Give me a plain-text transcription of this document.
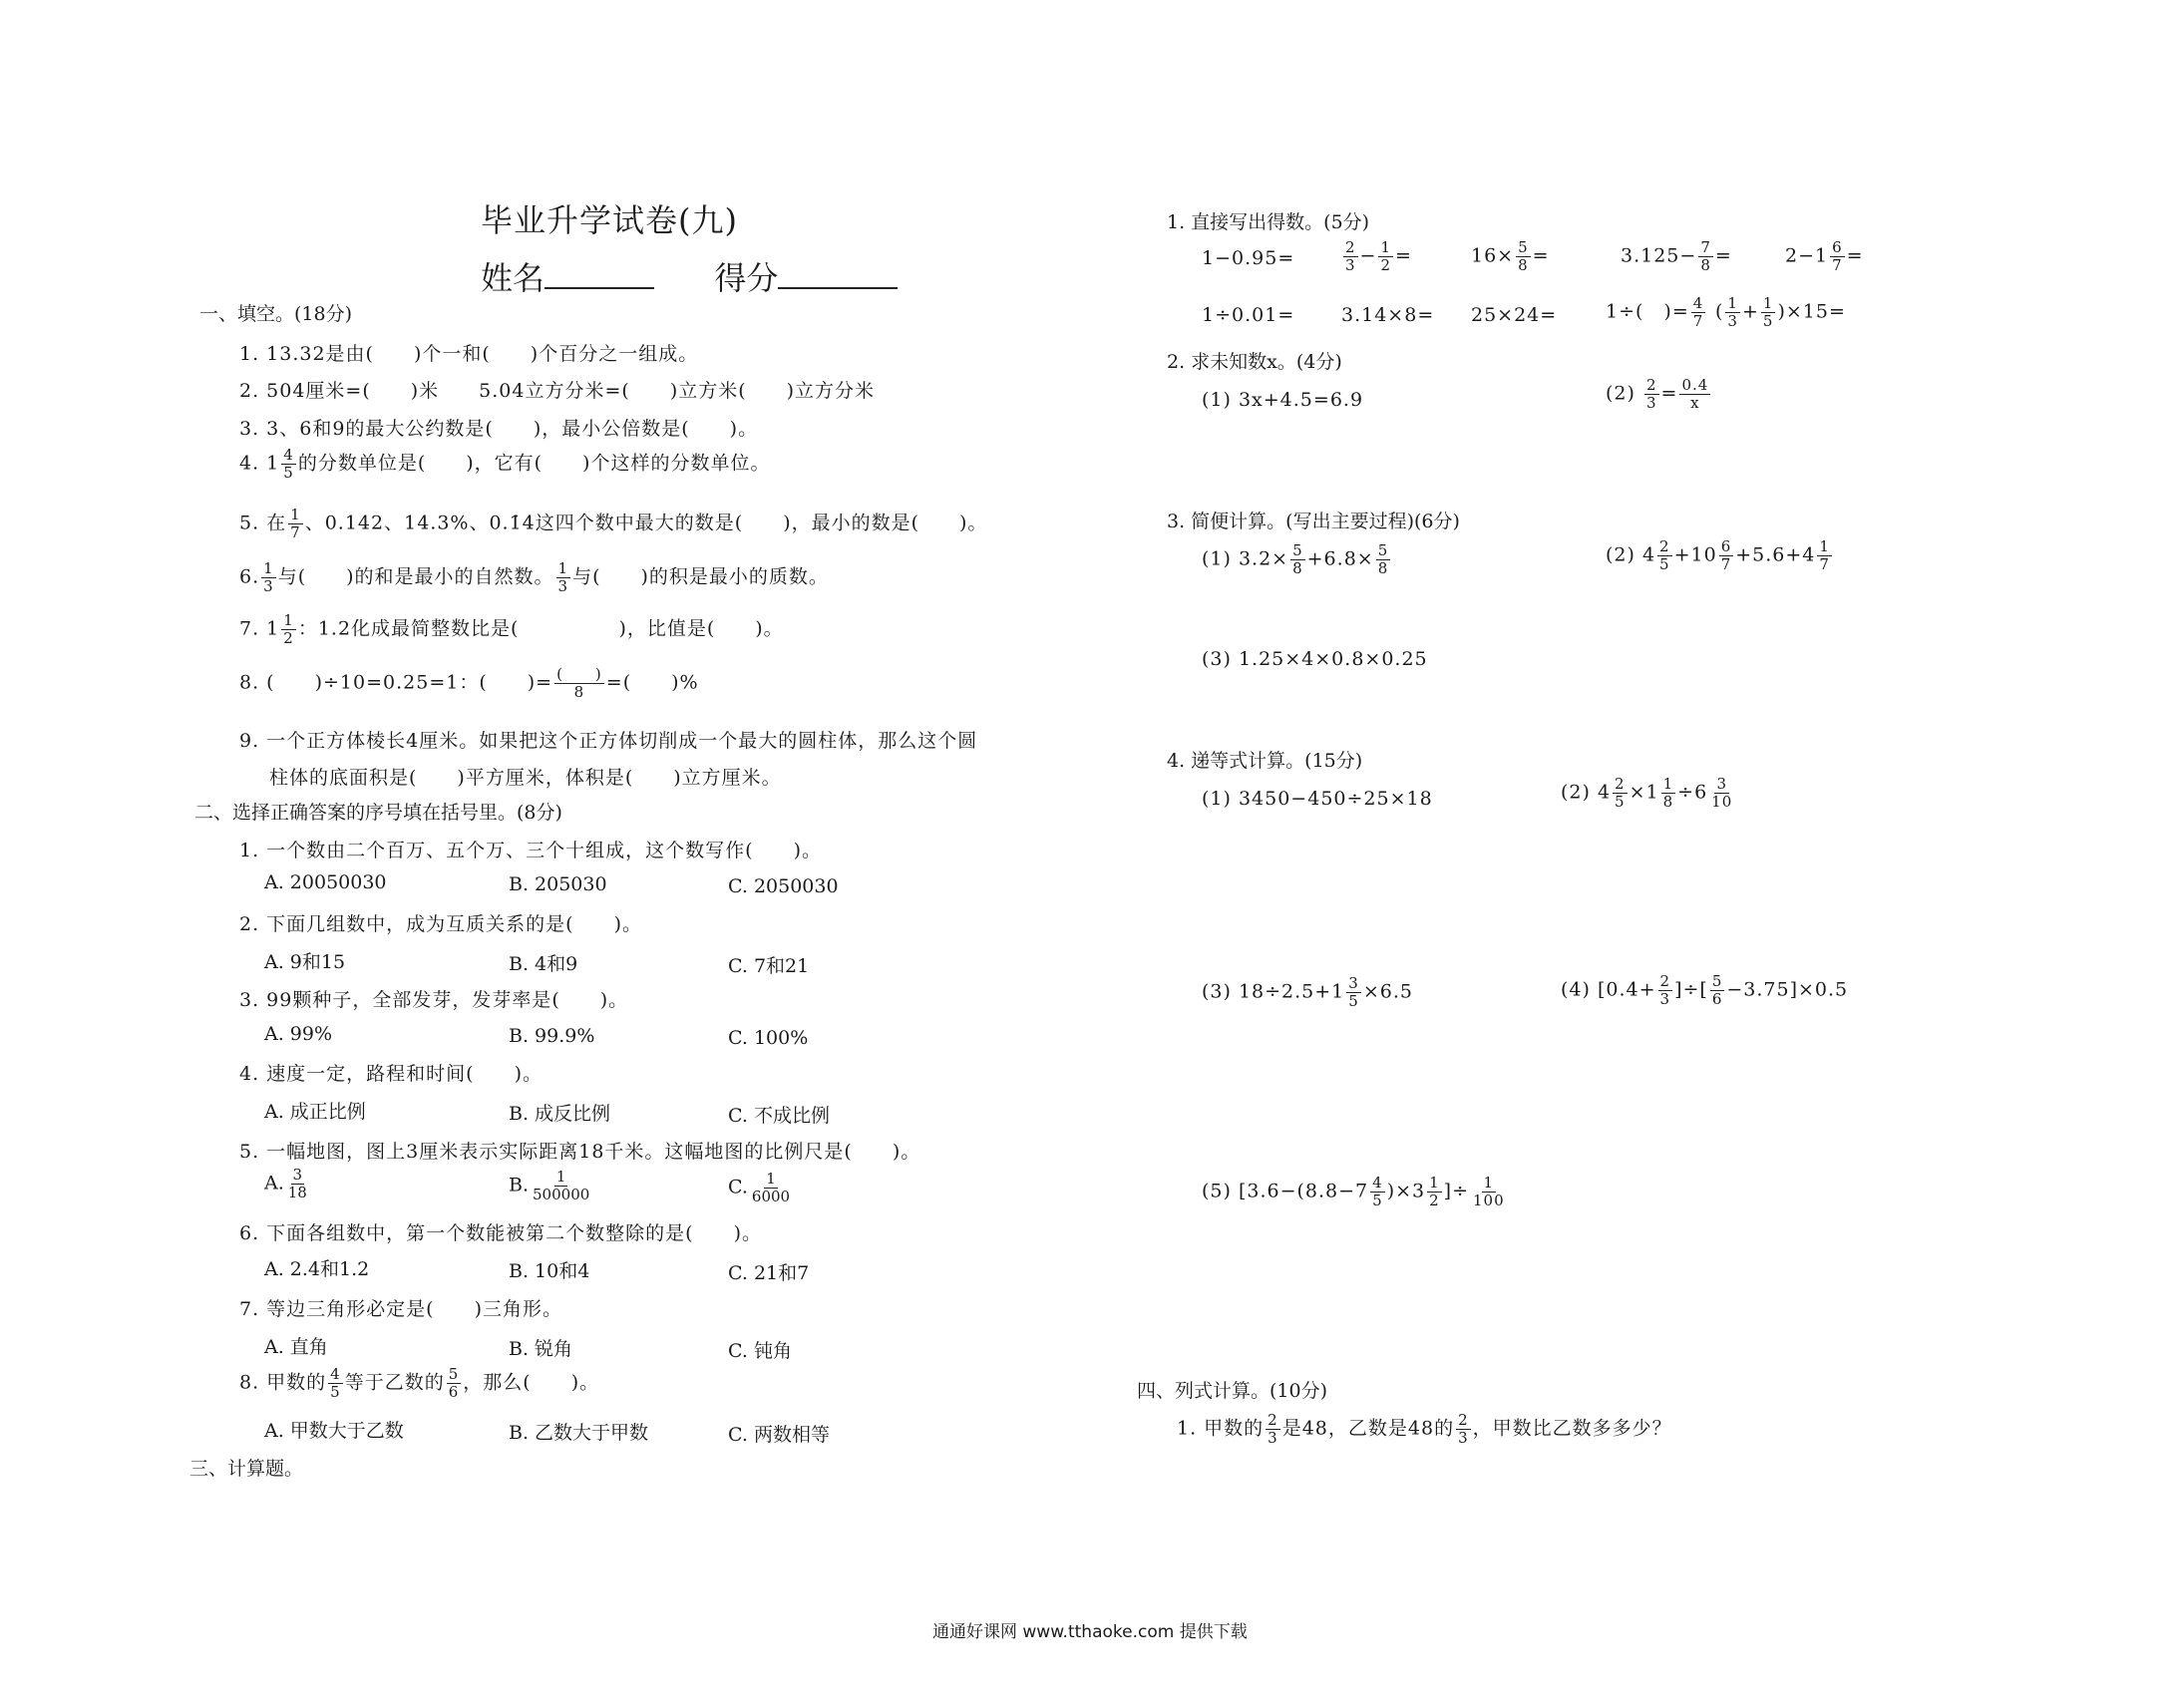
毕业升学试卷(九)
姓名	得分
一、填空。(18分)
1. 13.32是由(　　)个一和(　　)个百分之一组成。
2. 504厘米=(　　)米　　5.04立方分米=(　　)立方米(　　)立方分米
3. 3、6和9的最大公约数是(　　)，最小公倍数是(　　)。
4. $1 \frac{4}{5}$ 的分数单位是(　　)，它有(　　)个这样的分数单位。
5. 在 $\frac{1}{7}$ 、0.142、14.3%、0.1̇4̇这四个数中最大的数是(　　)，最小的数是(　　)。
6. $\frac{1}{3}$ 与(　　)的和是最小的自然数。 $\frac{1}{3}$ 与(　　)的积是最小的质数。
7. $1 \frac{1}{2}$ ：1.2化成最简整数比是(　　　　　)，比值是(　　)。
8. (　　)÷10=0.25=1：(　　)= (　　)
8 =(　　)%
9. 一个正方体棱长4厘米。如果把这个正方体切削成一个最大的圆柱体，那么这个圆
柱体的底面积是(　　)平方厘米，体积是(　　)立方厘米。
二、选择正确答案的序号填在括号里。(8分)
1. 一个数由二个百万、五个万、三个十组成，这个数写作(　　)。
A. 20050030	B. 205030	C. 2050030
2. 下面几组数中，成为互质关系的是(　　)。
A. 9和15	B. 4和9	C. 7和21
3. 99颗种子，全部发芽，发芽率是(　　)。
A. 99%	B. 99.9%	C. 100%
4. 速度一定，路程和时间(　　)。
A. 成正比例	B. 成反比例	C. 不成比例
5. 一幅地图，图上3厘米表示实际距离18千米。这幅地图的比例尺是(　　)。
A. $\frac{3}{18}$	B. $\frac{1}{500000}$	C. $\frac{1}{6000}$
6. 下面各组数中，第一个数能被第二个数整除的是(　　)。
A. 2.4和1.2	B. 10和4	C. 21和7
7. 等边三角形必定是(　　)三角形。
A. 直角	B. 锐角	C. 钝角
8. 甲数的 $\frac{4}{5}$ 等于乙数的 $\frac{5}{6}$ ，那么(　　)。
A. 甲数大于乙数	B. 乙数大于甲数	C. 两数相等
三、计算题。
1. 直接写出得数。(5分)
1−0.95=	$\frac{2}{3} - \frac{1}{2}$ =	$16\times \frac{5}{8}$ =	$3.125- \frac{7}{8}$ =	$2-1 \frac{6}{7}$ =
1÷0.01= 3.14×8= 25×24=	1÷(　)= $\frac{4}{7}$ ( $\frac{1}{3} + \frac{1}{5} )\times 15=$
2. 求未知数x。(4分)
(1) 3x+4.5=6.9	$(2) \frac{2}{3} = \frac{0.4}{x}$
3. 简便计算。(写出主要过程)(6分)
(1) $3.2\times \frac{5}{8} +6.8\times \frac{5}{8}$	(2) $4 \frac{2}{5} +10 \frac{6}{7} +5.6+4 \frac{1}{7}$
(3) 1.25×4×0.8×0.25
4. 递等式计算。(15分)
(1) 3450−450÷25×18	(2) $4 \frac{2}{5} \times 1 \frac{1}{8} \div 6 \frac{3}{10}$
(3) $18\div 2.5+1 \frac{3}{5} \times 6.5$	(4) [$0.4+ \frac{2}{3}$ ]÷[ $\frac{5}{6} -3.75]\times 0.5$
(5) [$3.6-(8.8-7 \frac{4}{5} )\times 3 \frac{1}{2}$ ]÷ $\frac{1}{100}$
四、列式计算。(10分)
1. 甲数的 $\frac{2}{3}$ 是48，乙数是48的 $\frac{2}{3}$ ，甲数比乙数多多少？
通通好课网 www.tthaoke.com 提供下载
